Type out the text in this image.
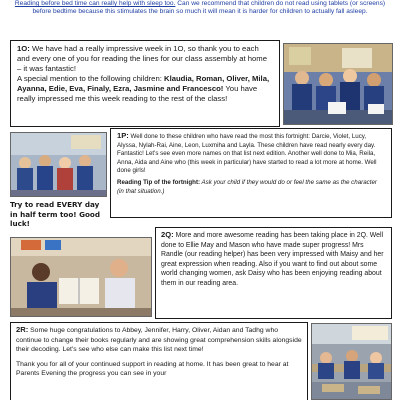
Reading before bed time can really help with sleep too. Can we recommend that children do not read using tablets (or screens) before bedtime because this stimulates the brain so much it will mean it is harder for children to actually fall asleep.

1O: We have had a really impressive week in 1O, so thank you to each and every one of you for reading the lines for our class assembly at home – it was fantastic!
A special mention to the following children: Klaudia, Roman, Oliver, Mila, Ayanna, Edie, Eva, Finaly, Ezra, Jasmine and Francesco! You have really impressed me this week reading to the rest of the class!

1P: Well done to these children who have read the most this fortnight: Darcie, Violet, Lucy, Alyssa, Nylah-Rai, Aine, Leon, Luxmiha and Layla. These children have read nearly every day. Fantastic! Let's see even more names on that list next edition. Another well done to Mia, Reila, Anna, Aida and Aine who (this week in particular) have started to read a lot more at home. Well done girls!

Reading Tip of the fortnight: Ask your child if they would do or feel the same as the character (in that situation.)

Try to read EVERY day in half term too! Good luck!

2Q: More and more awesome reading has been taking place in 2Q. Well done to Ellie May and Mason who have made super progress! Mrs Randle (our reading helper) has been very impressed with Maisy and her great expression when reading. Also if you want to find out about some world changing women, ask Daisy who has been enjoying reading about them in our reading area.

2R: Some huge congratulations to Abbey, Jennifer, Harry, Oliver, Aidan and Tadhg who continue to change their books regularly and are showing great comprehension skills alongside their decoding. Let's see who else can make this list next time!

Thank you for all of your continued support in reading at home. It has been great to hear at Parents Evening the progress you can see in your
